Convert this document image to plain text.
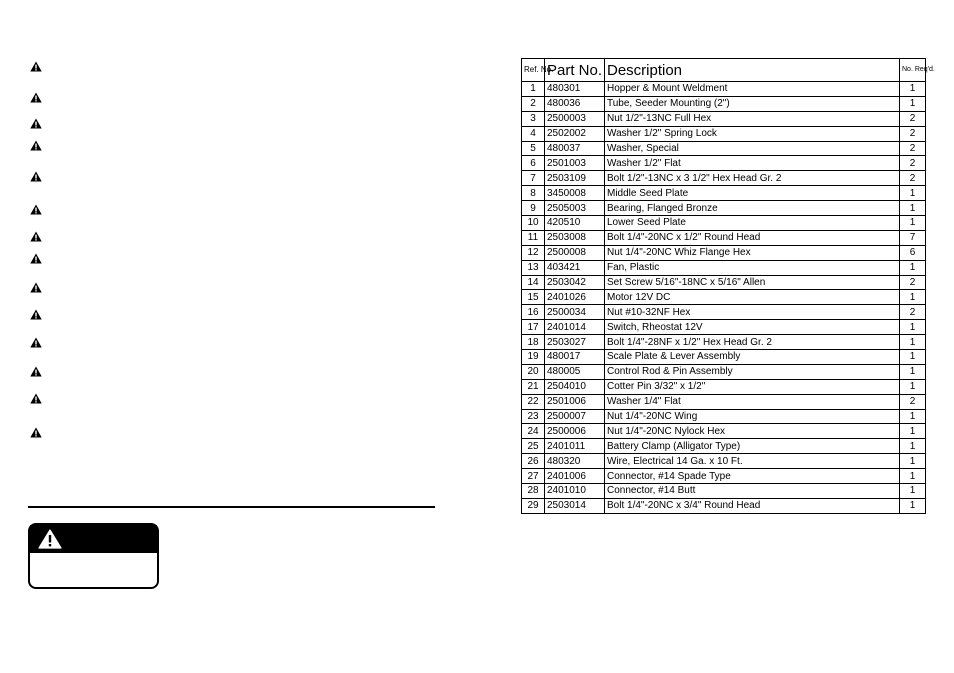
Ref. No.	Part No.	Description	No. Req'd.
1	480301	Hopper & Mount Weldment	1
2	480036	Tube, Seeder Mounting (2")	1
3	2500003	Nut 1/2"-13NC Full Hex	2
4	2502002	Washer 1/2" Spring Lock	2
5	480037	Washer, Special	2
6	2501003	Washer 1/2" Flat	2
7	2503109	Bolt 1/2"-13NC x 3 1/2" Hex Head Gr. 2	2
8	3450008	Middle Seed Plate	1
9	2505003	Bearing, Flanged Bronze	1
10	420510	Lower Seed Plate	1
11	2503008	Bolt 1/4"-20NC x 1/2" Round Head	7
12	2500008	Nut 1/4"-20NC Whiz Flange Hex	6
13	403421	Fan, Plastic	1
14	2503042	Set Screw 5/16"-18NC x 5/16" Allen	2
15	2401026	Motor 12V DC	1
16	2500034	Nut #10-32NF Hex	2
17	2401014	Switch, Rheostat 12V	1
18	2503027	Bolt 1/4"-28NF x 1/2" Hex Head Gr. 2	1
19	480017	Scale Plate & Lever Assembly	1
20	480005	Control Rod & Pin Assembly	1
21	2504010	Cotter Pin 3/32" x 1/2"	1
22	2501006	Washer 1/4" Flat	2
23	2500007	Nut 1/4"-20NC Wing	1
24	2500006	Nut 1/4"-20NC Nylock Hex	1
25	2401011	Battery Clamp (Alligator Type)	1
26	480320	Wire, Electrical 14 Ga. x 10 Ft.	1
27	2401006	Connector, #14 Spade Type	1
28	2401010	Connector, #14 Butt	1
29	2503014	Bolt 1/4"-20NC x 3/4" Round Head	1
